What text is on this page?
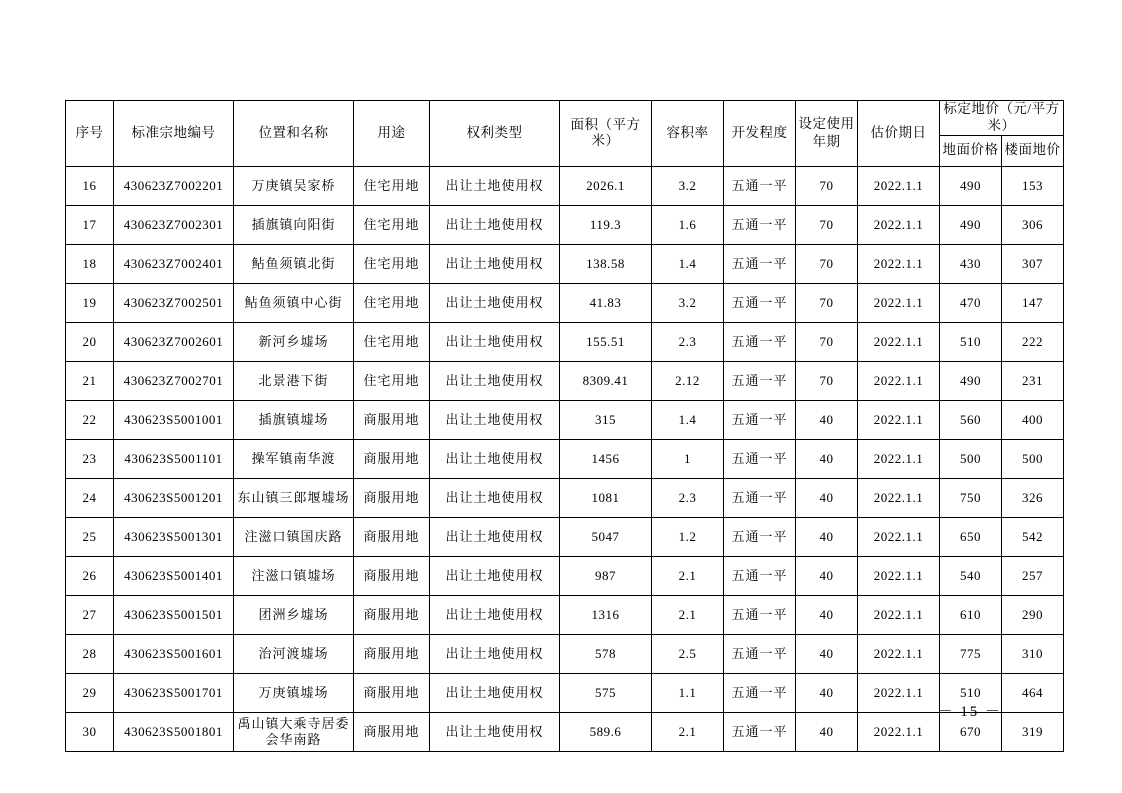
序号	标准宗地编号	位置和名称	用途	权利类型	面积（平方米）	容积率	开发程度	设定使用
年期	估价期日	标定地价（元/平方米）	
										地面价格	楼面地价
16	430623Z7002201	万庚镇吴家桥	住宅用地	出让土地使用权	2026.1	3.2	五通一平	70	2022.1.1	490	153
17	430623Z7002301	插旗镇向阳街	住宅用地	出让土地使用权	119.3	1.6	五通一平	70	2022.1.1	490	306
18	430623Z7002401	鲇鱼须镇北街	住宅用地	出让土地使用权	138.58	1.4	五通一平	70	2022.1.1	430	307
19	430623Z7002501	鲇鱼须镇中心街	住宅用地	出让土地使用权	41.83	3.2	五通一平	70	2022.1.1	470	147
20	430623Z7002601	新河乡墟场	住宅用地	出让土地使用权	155.51	2.3	五通一平	70	2022.1.1	510	222
21	430623Z7002701	北景港下街	住宅用地	出让土地使用权	8309.41	2.12	五通一平	70	2022.1.1	490	231
22	430623S5001001	插旗镇墟场	商服用地	出让土地使用权	315	1.4	五通一平	40	2022.1.1	560	400
23	430623S5001101	操军镇南华渡	商服用地	出让土地使用权	1456	1	五通一平	40	2022.1.1	500	500
24	430623S5001201	东山镇三郎堰墟场	商服用地	出让土地使用权	1081	2.3	五通一平	40	2022.1.1	750	326
25	430623S5001301	注滋口镇国庆路	商服用地	出让土地使用权	5047	1.2	五通一平	40	2022.1.1	650	542
26	430623S5001401	注滋口镇墟场	商服用地	出让土地使用权	987	2.1	五通一平	40	2022.1.1	540	257
27	430623S5001501	团洲乡墟场	商服用地	出让土地使用权	1316	2.1	五通一平	40	2022.1.1	610	290
28	430623S5001601	治河渡墟场	商服用地	出让土地使用权	578	2.5	五通一平	40	2022.1.1	775	310
29	430623S5001701	万庚镇墟场	商服用地	出让土地使用权	575	1.1	五通一平	40	2022.1.1	510	464
30	430623S5001801	禹山镇大乘寺居委会华南路	商服用地	出让土地使用权	589.6	2.1	五通一平	40	2022.1.1	670	319
－ 15 －
